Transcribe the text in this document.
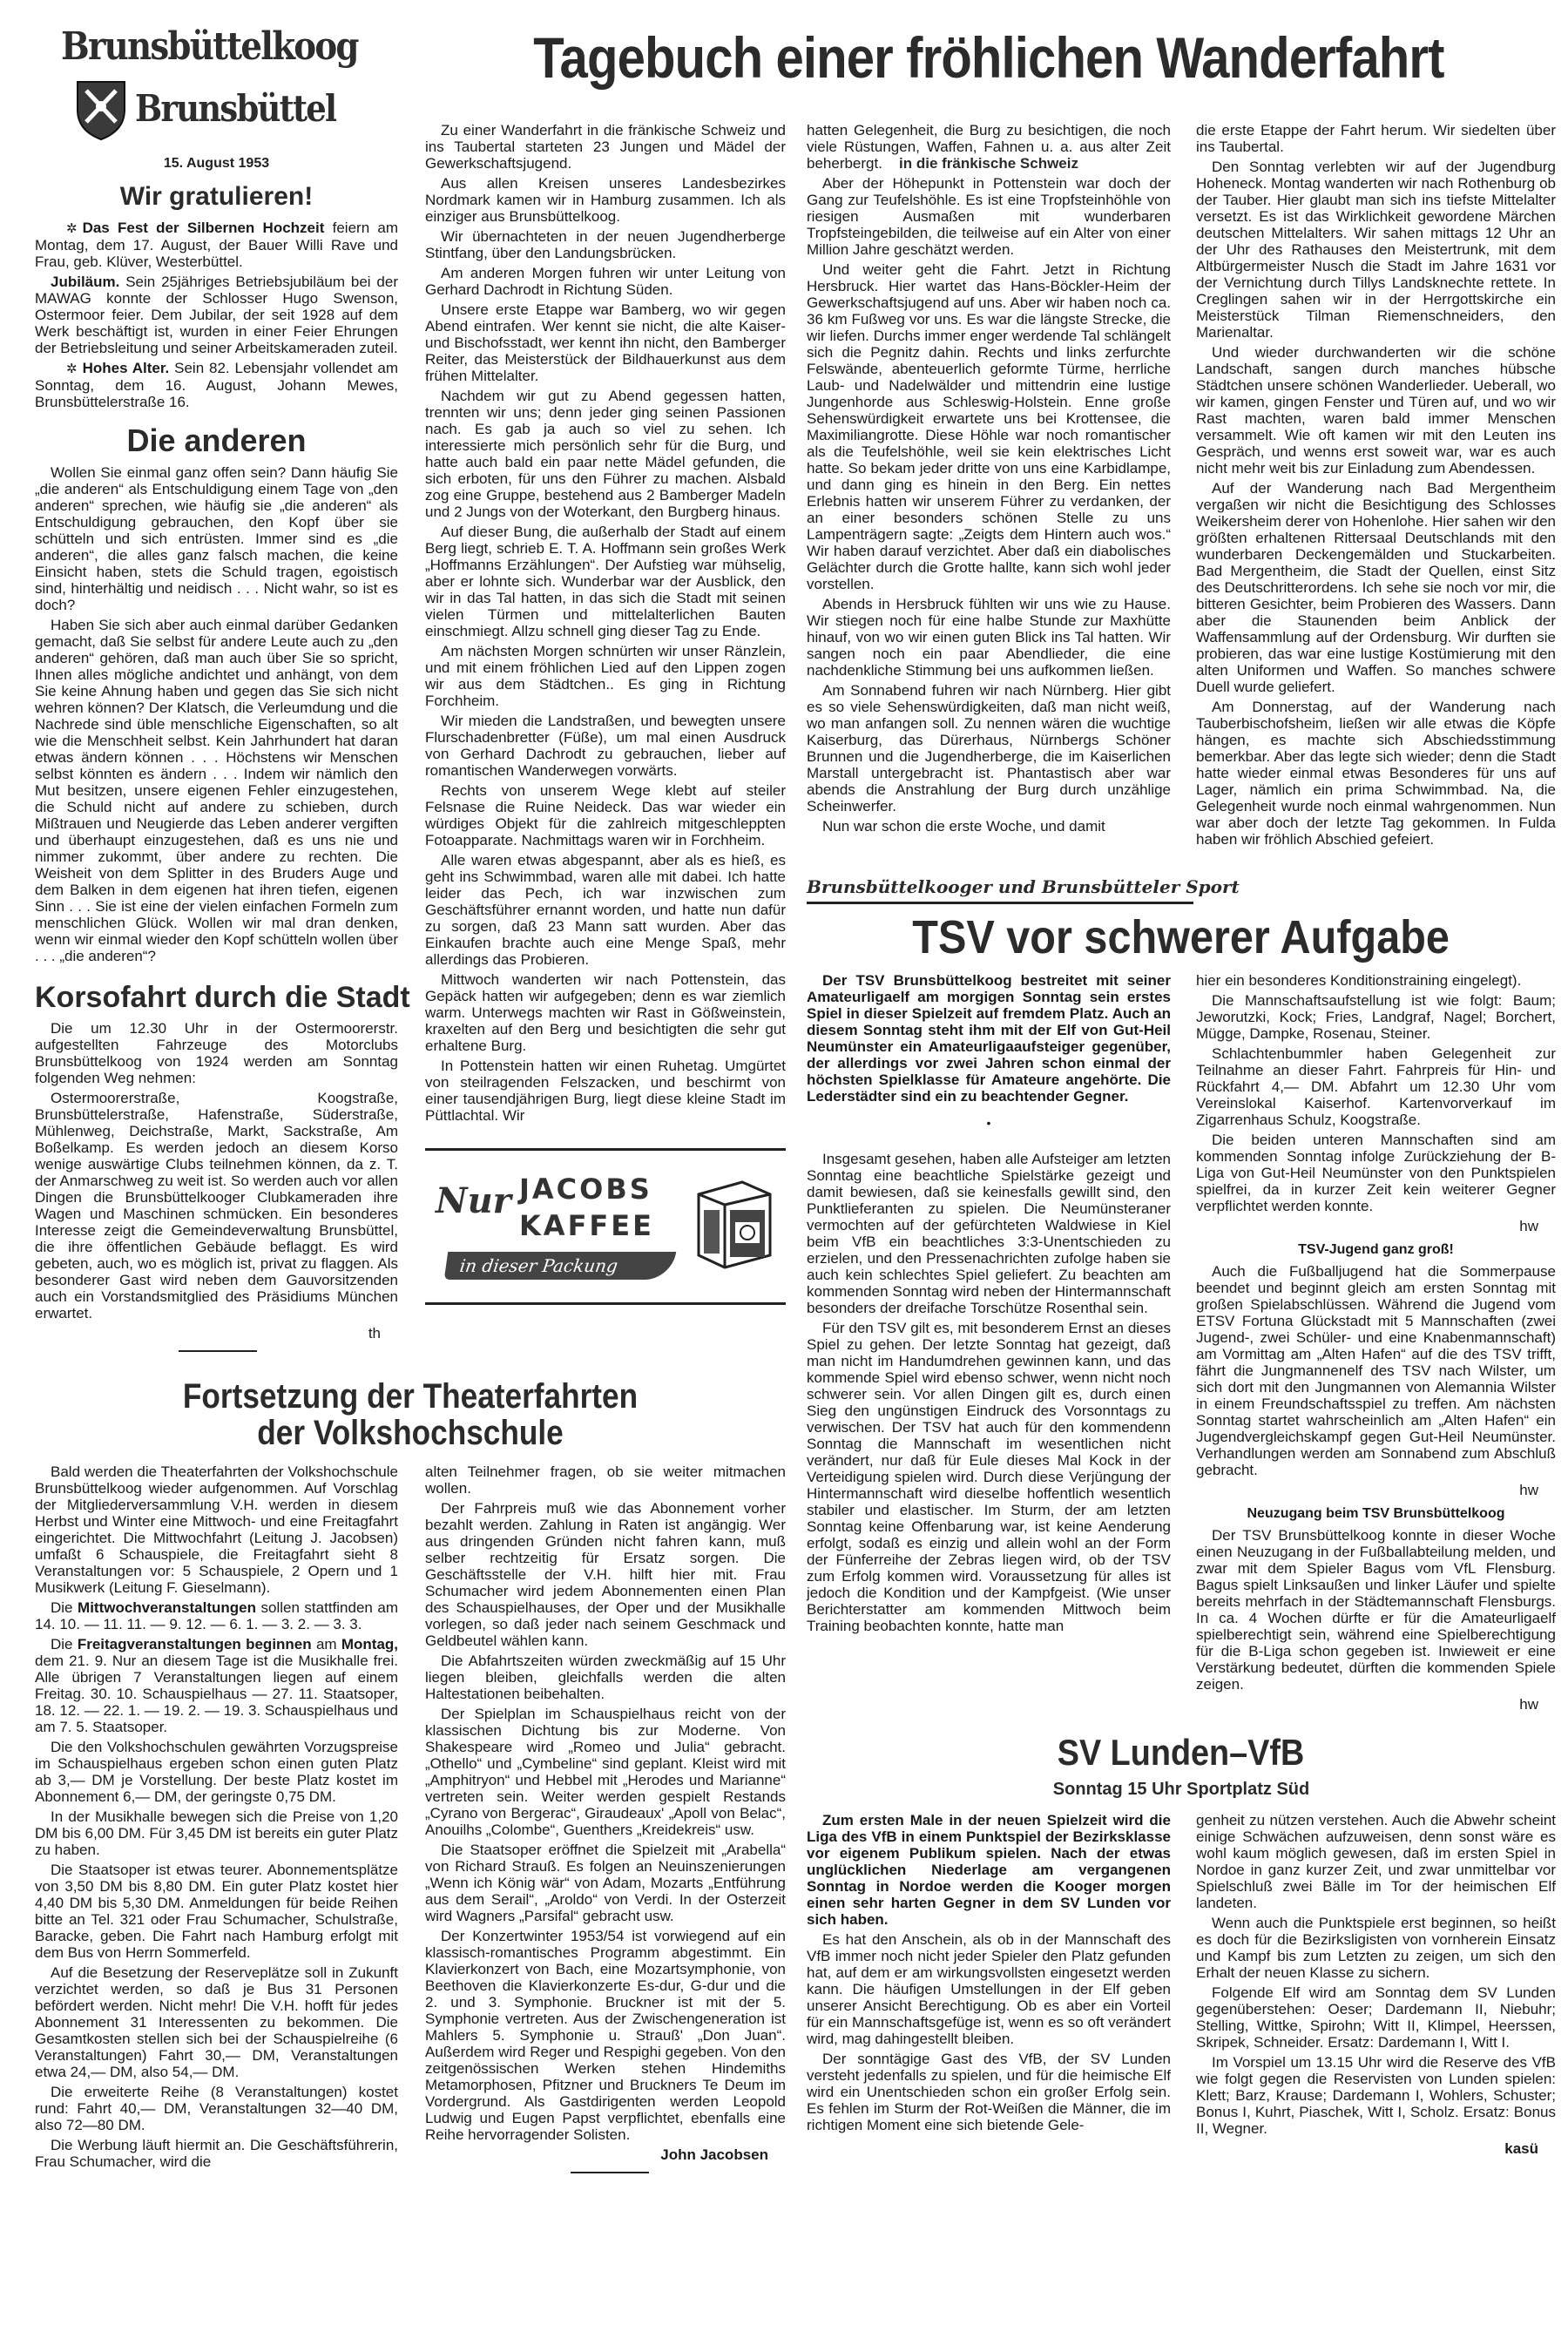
Tagebuch einer fröhlichen Wanderfahrt
in die fränkische Schweiz
Brunsbüttelkoog
Brunsbüttel
15. August 1953
Wir gratulieren!

✲ Das Fest der Silbernen Hochzeit feiern am Montag, dem 17. August, der Bauer Willi Rave und Frau, geb. Klüver, Westerbüttel.

Jubiläum. Sein 25jähriges Betriebsjubiläum bei der MAWAG konnte der Schlosser Hugo Swenson, Ostermoor feier. Dem Jubilar, der seit 1928 auf dem Werk beschäftigt ist, wurden in einer Feier Ehrungen der Betriebsleitung und seiner Arbeitskameraden zuteil.

✲ Hohes Alter. Sein 82. Lebensjahr vollendet am Sonntag, dem 16. August, Johann Mewes, Brunsbüttelerstraße 16.

Die anderen

Wollen Sie einmal ganz offen sein? Dann häufig Sie „die anderen“ als Entschuldigung einem Tage von „den anderen“ sprechen, wie häufig sie „die anderen“ als Entschuldigung gebrauchen, den Kopf über sie schütteln und sich entrüsten. Immer sind es „die anderen“, die alles ganz falsch machen, die keine Einsicht haben, stets die Schuld tragen, egoistisch sind, hinterhältig und neidisch . . . Nicht wahr, so ist es doch?

Haben Sie sich aber auch einmal darüber Gedanken gemacht, daß Sie selbst für andere Leute auch zu „den anderen“ gehören, daß man auch über Sie so spricht, Ihnen alles mögliche andichtet und anhängt, von dem Sie keine Ahnung haben und gegen das Sie sich nicht wehren können? Der Klatsch, die Verleumdung und die Nachrede sind üble menschliche Eigenschaften, so alt wie die Menschheit selbst. Kein Jahrhundert hat daran etwas ändern können . . . Höchstens wir Menschen selbst könnten es ändern . . . Indem wir nämlich den Mut besitzen, unsere eigenen Fehler einzugestehen, die Schuld nicht auf andere zu schieben, durch Mißtrauen und Neugierde das Leben anderer vergiften und überhaupt einzugestehen, daß es uns nie und nimmer zukommt, über andere zu rechten. Die Weisheit von dem Splitter in des Bruders Auge und dem Balken in dem eigenen hat ihren tiefen, eigenen Sinn . . . Sie ist eine der vielen einfachen Formeln zum menschlichen Glück. Wollen wir mal dran denken, wenn wir einmal wieder den Kopf schütteln wollen über . . . „die anderen“?

Korsofahrt durch die Stadt

Die um 12.30 Uhr in der Ostermoorerstr. aufgestellten Fahrzeuge des Motorclubs Brunsbüttelkoog von 1924 werden am Sonntag folgenden Weg nehmen:

Ostermoorerstraße, Koogstraße, Brunsbüttelerstraße, Hafenstraße, Süderstraße, Mühlenweg, Deichstraße, Markt, Sackstraße, Am Boßelkamp. Es werden jedoch an diesem Korso wenige auswärtige Clubs teilnehmen können, da z. T. der Anmarschweg zu weit ist. So werden auch vor allen Dingen die Brunsbüttelkooger Clubkameraden ihre Wagen und Maschinen schmücken. Ein besonderes Interesse zeigt die Gemeindeverwaltung Brunsbüttel, die ihre öffentlichen Gebäude beflaggt. Es wird gebeten, auch, wo es möglich ist, privat zu flaggen. Als besonderer Gast wird neben dem Gauvorsitzenden auch ein Vorstandsmitglied des Präsidiums München erwartet.

th

Zu einer Wanderfahrt in die fränkische Schweiz und ins Taubertal starteten 23 Jungen und Mädel der Gewerkschaftsjugend.

Aus allen Kreisen unseres Landesbezirkes Nordmark kamen wir in Hamburg zusammen. Ich als einziger aus Brunsbüttelkoog.

Wir übernachteten in der neuen Jugendherberge Stintfang, über den Landungsbrücken.

Am anderen Morgen fuhren wir unter Leitung von Gerhard Dachrodt in Richtung Süden.

Unsere erste Etappe war Bamberg, wo wir gegen Abend eintrafen. Wer kennt sie nicht, die alte Kaiser- und Bischofsstadt, wer kennt ihn nicht, den Bamberger Reiter, das Meisterstück der Bildhauerkunst aus dem frühen Mittelalter.

Nachdem wir gut zu Abend gegessen hatten, trennten wir uns; denn jeder ging seinen Passionen nach. Es gab ja auch so viel zu sehen. Ich interessierte mich persönlich sehr für die Burg, und hatte auch bald ein paar nette Mädel gefunden, die sich erboten, für uns den Führer zu machen. Alsbald zog eine Gruppe, bestehend aus 2 Bamberger Madeln und 2 Jungs von der Woterkant, den Burgberg hinaus.

Auf dieser Bung, die außerhalb der Stadt auf einem Berg liegt, schrieb E. T. A. Hoffmann sein großes Werk „Hoffmanns Erzählungen“. Der Aufstieg war mühselig, aber er lohnte sich. Wunderbar war der Ausblick, den wir in das Tal hatten, in das sich die Stadt mit seinen vielen Türmen und mittelalterlichen Bauten einschmiegt. Allzu schnell ging dieser Tag zu Ende.

Am nächsten Morgen schnürten wir unser Ränzlein, und mit einem fröhlichen Lied auf den Lippen zogen wir aus dem Städtchen.. Es ging in Richtung Forchheim.

Wir mieden die Landstraßen, und bewegten unsere Flurschadenbretter (Füße), um mal einen Ausdruck von Gerhard Dachrodt zu gebrauchen, lieber auf romantischen Wanderwegen vorwärts.

Rechts von unserem Wege klebt auf steiler Felsnase die Ruine Neideck. Das war wieder ein würdiges Objekt für die zahlreich mitgeschleppten Fotoapparate. Nachmittags waren wir in Forchheim.

Alle waren etwas abgespannt, aber als es hieß, es geht ins Schwimmbad, waren alle mit dabei. Ich hatte leider das Pech, ich war inzwischen zum Geschäftsführer ernannt worden, und hatte nun dafür zu sorgen, daß 23 Mann satt wurden. Aber das Einkaufen brachte auch eine Menge Spaß, mehr allerdings das Probieren.

Mittwoch wanderten wir nach Pottenstein, das Gepäck hatten wir aufgegeben; denn es war ziemlich warm. Unterwegs machten wir Rast in Gößweinstein, kraxelten auf den Berg und besichtigten die sehr gut erhaltene Burg.

In Pottenstein hatten wir einen Ruhetag. Umgürtet von steilragenden Felszacken, und beschirmt von einer tausendjährigen Burg, liegt diese kleine Stadt im Püttlachtal. Wir

Nur JACOBS
KAFFEE
in dieser Packung
Fortsetzung der Theaterfahrten
der Volkshochschule

Bald werden die Theaterfahrten der Volkshochschule Brunsbüttelkoog wieder aufgenommen. Auf Vorschlag der Mitgliederversammlung V.H. werden in diesem Herbst und Winter eine Mittwoch- und eine Freitagfahrt eingerichtet. Die Mittwochfahrt (Leitung J. Jacobsen) umfaßt 6 Schauspiele, die Freitagfahrt sieht 8 Veranstaltungen vor: 5 Schauspiele, 2 Opern und 1 Musikwerk (Leitung F. Gieselmann).

Die Mittwochveranstaltungen sollen stattfinden am 14. 10. — 11. 11. — 9. 12. — 6. 1. — 3. 2. — 3. 3.

Die Freitagveranstaltungen beginnen am Montag, dem 21. 9. Nur an diesem Tage ist die Musikhalle frei. Alle übrigen 7 Veranstaltungen liegen auf einem Freitag. 30. 10. Schauspielhaus — 27. 11. Staatsoper, 18. 12. — 22. 1. — 19. 2. — 19. 3. Schauspielhaus und am 7. 5. Staatsoper.

Die den Volkshochschulen gewährten Vorzugspreise im Schauspielhaus ergeben schon einen guten Platz ab 3,— DM je Vorstellung. Der beste Platz kostet im Abonnement 6,— DM, der geringste 0,75 DM.

In der Musikhalle bewegen sich die Preise von 1,20 DM bis 6,00 DM. Für 3,45 DM ist bereits ein guter Platz zu haben.

Die Staatsoper ist etwas teurer. Abonnementsplätze von 3,50 DM bis 8,80 DM. Ein guter Platz kostet hier 4,40 DM bis 5,30 DM. Anmeldungen für beide Reihen bitte an Tel. 321 oder Frau Schumacher, Schulstraße, Baracke, geben. Die Fahrt nach Hamburg erfolgt mit dem Bus von Herrn Sommerfeld.

Auf die Besetzung der Reserveplätze soll in Zukunft verzichtet werden, so daß je Bus 31 Personen befördert werden. Nicht mehr! Die V.H. hofft für jedes Abonnement 31 Interessenten zu bekommen. Die Gesamtkosten stellen sich bei der Schauspielreihe (6 Veranstaltungen) Fahrt 30,— DM, Veranstaltungen etwa 24,— DM, also 54,— DM.

Die erweiterte Reihe (8 Veranstaltungen) kostet rund: Fahrt 40,— DM, Veranstaltungen 32—40 DM, also 72—80 DM.

Die Werbung läuft hiermit an. Die Geschäftsführerin, Frau Schumacher, wird die

alten Teilnehmer fragen, ob sie weiter mitmachen wollen.

Der Fahrpreis muß wie das Abonnement vorher bezahlt werden. Zahlung in Raten ist angängig. Wer aus dringenden Gründen nicht fahren kann, muß selber rechtzeitig für Ersatz sorgen. Die Geschäftsstelle der V.H. hilft hier mit. Frau Schumacher wird jedem Abonnementen einen Plan des Schauspielhauses, der Oper und der Musikhalle vorlegen, so daß jeder nach seinem Geschmack und Geldbeutel wählen kann.

Die Abfahrtszeiten würden zweckmäßig auf 15 Uhr liegen bleiben, gleichfalls werden die alten Haltestationen beibehalten.

Der Spielplan im Schauspielhaus reicht von der klassischen Dichtung bis zur Moderne. Von Shakespeare wird „Romeo und Julia“ gebracht. „Othello“ und „Cymbeline“ sind geplant. Kleist wird mit „Amphitryon“ und Hebbel mit „Herodes und Marianne“ vertreten sein. Weiter werden gespielt Restands „Cyrano von Bergerac“, Giraudeaux' „Apoll von Belac“, Anouilhs „Colombe“, Guenthers „Kreidekreis“ usw.

Die Staatsoper eröffnet die Spielzeit mit „Arabella“ von Richard Strauß. Es folgen an Neuinszenierungen „Wenn ich König wär“ von Adam, Mozarts „Entführung aus dem Serail“, „Aroldo“ von Verdi. In der Osterzeit wird Wagners „Parsifal“ gebracht usw.

Der Konzertwinter 1953/54 ist vorwiegend auf ein klassisch-romantisches Programm abgestimmt. Ein Klavierkonzert von Bach, eine Mozartsymphonie, von Beethoven die Klavierkonzerte Es-dur, G-dur und die 2. und 3. Symphonie. Bruckner ist mit der 5. Symphonie vertreten. Aus der Zwischengeneration ist Mahlers 5. Symphonie u. Strauß' „Don Juan“. Außerdem wird Reger und Respighi gegeben. Von den zeitgenössischen Werken stehen Hindemiths Metamorphosen, Pfitzner und Bruckners Te Deum im Vordergrund. Als Gastdirigenten werden Leopold Ludwig und Eugen Papst verpflichtet, ebenfalls eine Reihe hervorragender Solisten.

John Jacobsen

hatten Gelegenheit, die Burg zu besichtigen, die noch viele Rüstungen, Waffen, Fahnen u. a. aus alter Zeit beherbergt.

Aber der Höhepunkt in Pottenstein war doch der Gang zur Teufelshöhle. Es ist eine Tropfsteinhöhle von riesigen Ausmaßen mit wunderbaren Tropfsteingebilden, die teilweise auf ein Alter von einer Million Jahre geschätzt werden.

Und weiter geht die Fahrt. Jetzt in Richtung Hersbruck. Hier wartet das Hans-Böckler-Heim der Gewerkschaftsjugend auf uns. Aber wir haben noch ca. 36 km Fußweg vor uns. Es war die längste Strecke, die wir liefen. Durchs immer enger werdende Tal schlängelt sich die Pegnitz dahin. Rechts und links zerfurchte Felswände, abenteuerlich geformte Türme, herrliche Laub- und Nadelwälder und mittendrin eine lustige Jungenhorde aus Schleswig-Holstein. Enne große Sehenswürdigkeit erwartete uns bei Krottensee, die Maximiliangrotte. Diese Höhle war noch romantischer als die Teufelshöhle, weil sie kein elektrisches Licht hatte. So bekam jeder dritte von uns eine Karbidlampe, und dann ging es hinein in den Berg. Ein nettes Erlebnis hatten wir unserem Führer zu verdanken, der an einer besonders schönen Stelle zu uns Lampenträgern sagte: „Zeigts dem Hintern auch wos.“ Wir haben darauf verzichtet. Aber daß ein diabolisches Gelächter durch die Grotte hallte, kann sich wohl jeder vorstellen.

Abends in Hersbruck fühlten wir uns wie zu Hause. Wir stiegen noch für eine halbe Stunde zur Maxhütte hinauf, von wo wir einen guten Blick ins Tal hatten. Wir sangen noch ein paar Abendlieder, die eine nachdenkliche Stimmung bei uns aufkommen ließen.

Am Sonnabend fuhren wir nach Nürnberg. Hier gibt es so viele Sehenswürdigkeiten, daß man nicht weiß, wo man anfangen soll. Zu nennen wären die wuchtige Kaiserburg, das Dürerhaus, Nürnbergs Schöner Brunnen und die Jugendherberge, die im Kaiserlichen Marstall untergebracht ist. Phantastisch aber war abends die Anstrahlung der Burg durch unzählige Scheinwerfer.

Nun war schon die erste Woche, und damit

die erste Etappe der Fahrt herum. Wir siedelten über ins Taubertal.

Den Sonntag verlebten wir auf der Jugendburg Hoheneck. Montag wanderten wir nach Rothenburg ob der Tauber. Hier glaubt man sich ins tiefste Mittelalter versetzt. Es ist das Wirklichkeit gewordene Märchen deutschen Mittelalters. Wir sahen mittags 12 Uhr an der Uhr des Rathauses den Meistertrunk, mit dem Altbürgermeister Nusch die Stadt im Jahre 1631 vor der Vernichtung durch Tillys Landsknechte rettete. In Creglingen sahen wir in der Herrgottskirche ein Meisterstück Tilman Riemenschneiders, den Marienaltar.

Und wieder durchwanderten wir die schöne Landschaft, sangen durch manches hübsche Städtchen unsere schönen Wanderlieder. Ueberall, wo wir kamen, gingen Fenster und Türen auf, und wo wir Rast machten, waren bald immer Menschen versammelt. Wie oft kamen wir mit den Leuten ins Gespräch, und wenns erst soweit war, war es auch nicht mehr weit bis zur Einladung zum Abendessen.

Auf der Wanderung nach Bad Mergentheim vergaßen wir nicht die Besichtigung des Schlosses Weikersheim derer von Hohenlohe. Hier sahen wir den größten erhaltenen Rittersaal Deutschlands mit den wunderbaren Deckengemälden und Stuckarbeiten. Bad Mergentheim, die Stadt der Quellen, einst Sitz des Deutschritterordens. Ich sehe sie noch vor mir, die bitteren Gesichter, beim Probieren des Wassers. Dann aber die Staunenden beim Anblick der Waffensammlung auf der Ordensburg. Wir durften sie probieren, das war eine lustige Kostümierung mit den alten Uniformen und Waffen. So manches schwere Duell wurde geliefert.

Am Donnerstag, auf der Wanderung nach Tauberbischofsheim, ließen wir alle etwas die Köpfe hängen, es machte sich Abschiedsstimmung bemerkbar. Aber das legte sich wieder; denn die Stadt hatte wieder einmal etwas Besonderes für uns auf Lager, nämlich ein prima Schwimmbad. Na, die Gelegenheit wurde noch einmal wahrgenommen. Nun war aber doch der letzte Tag gekommen. In Fulda haben wir fröhlich Abschied gefeiert.

Brunsbüttelkooger und Brunsbütteler Sport
TSV vor schwerer Aufgabe

Der TSV Brunsbüttelkoog bestreitet mit seiner Amateurligaelf am morgigen Sonntag sein erstes Spiel in dieser Spielzeit auf fremdem Platz. Auch an diesem Sonntag steht ihm mit der Elf von Gut-Heil Neumünster ein Amateurligaaufsteiger gegenüber, der allerdings vor zwei Jahren schon einmal der höchsten Spielklasse für Amateure angehörte. Die Lederstädter sind ein zu beachtender Gegner.

•

Insgesamt gesehen, haben alle Aufsteiger am letzten Sonntag eine beachtliche Spielstärke gezeigt und damit bewiesen, daß sie keinesfalls gewillt sind, den Punktlieferanten zu spielen. Die Neumünsteraner vermochten auf der gefürchteten Waldwiese in Kiel beim VfB ein beachtliches 3:3-Unentschieden zu erzielen, und den Pressenachrichten zufolge haben sie auch kein schlechtes Spiel geliefert. Zu beachten am kommenden Sonntag wird neben der Hintermannschaft besonders der dreifache Torschütze Rosenthal sein.

Für den TSV gilt es, mit besonderem Ernst an dieses Spiel zu gehen. Der letzte Sonntag hat gezeigt, daß man nicht im Handumdrehen gewinnen kann, und das kommende Spiel wird ebenso schwer, wenn nicht noch schwerer sein. Vor allen Dingen gilt es, durch einen Sieg den ungünstigen Eindruck des Vorsonntags zu verwischen. Der TSV hat auch für den kommendenn Sonntag die Mannschaft im wesentlichen nicht verändert, nur daß für Eule dieses Mal Kock in der Verteidigung spielen wird. Durch diese Verjüngung der Hintermannschaft wird dieselbe hoffentlich wesentlich stabiler und elastischer. Im Sturm, der am letzten Sonntag keine Offenbarung war, ist keine Aenderung erfolgt, sodaß es einzig und allein wohl an der Form der Fünferreihe der Zebras liegen wird, ob der TSV zum Erfolg kommen wird. Voraussetzung für alles ist jedoch die Kondition und der Kampfgeist. (Wie unser Berichterstatter am kommenden Mittwoch beim Training beobachten konnte, hatte man

hier ein besonderes Konditionstraining eingelegt).

Die Mannschaftsaufstellung ist wie folgt: Baum; Jeworutzki, Kock; Fries, Landgraf, Nagel; Borchert, Mügge, Dampke, Rosenau, Steiner.

Schlachtenbummler haben Gelegenheit zur Teilnahme an dieser Fahrt. Fahrpreis für Hin- und Rückfahrt 4,— DM. Abfahrt um 12.30 Uhr vom Vereinslokal Kaiserhof. Kartenvorverkauf im Zigarrenhaus Schulz, Koogstraße.

Die beiden unteren Mannschaften sind am kommenden Sonntag infolge Zurückziehung der B-Liga von Gut-Heil Neumünster von den Punktspielen spielfrei, da in kurzer Zeit kein weiterer Gegner verpflichtet werden konnte.

hw
TSV-Jugend ganz groß!

Auch die Fußballjugend hat die Sommerpause beendet und beginnt gleich am ersten Sonntag mit großen Spielabschlüssen. Während die Jugend vom ETSV Fortuna Glückstadt mit 5 Mannschaften (zwei Jugend-, zwei Schüler- und eine Knabenmannschaft) am Vormittag am „Alten Hafen“ auf die des TSV trifft, fährt die Jungmannenelf des TSV nach Wilster, um sich dort mit den Jungmannen von Alemannia Wilster in einem Freundschaftsspiel zu treffen. Am nächsten Sonntag startet wahrscheinlich am „Alten Hafen“ ein Jugendvergleichskampf gegen Gut-Heil Neumünster. Verhandlungen werden am Sonnabend zum Abschluß gebracht.

hw
Neuzugang beim TSV Brunsbüttelkoog

Der TSV Brunsbüttelkoog konnte in dieser Woche einen Neuzugang in der Fußballabteilung melden, und zwar mit dem Spieler Bagus vom VfL Flensburg. Bagus spielt Linksaußen und linker Läufer und spielte bereits mehrfach in der Städtemannschaft Flensburgs. In ca. 4 Wochen dürfte er für die Amateurligaelf spielberechtigt sein, während eine Spielberechtigung für die B-Liga schon gegeben ist. Inwieweit er eine Verstärkung bedeutet, dürften die kommenden Spiele zeigen.

hw
SV Lunden–VfB
Sonntag 15 Uhr Sportplatz Süd

Zum ersten Male in der neuen Spielzeit wird die Liga des VfB in einem Punktspiel der Bezirksklasse vor eigenem Publikum spielen. Nach der etwas unglücklichen Niederlage am vergangenen Sonntag in Nordoe werden die Kooger morgen einen sehr harten Gegner in dem SV Lunden vor sich haben.

Es hat den Anschein, als ob in der Mannschaft des VfB immer noch nicht jeder Spieler den Platz gefunden hat, auf dem er am wirkungsvollsten eingesetzt werden kann. Die häufigen Umstellungen in der Elf geben unserer Ansicht Berechtigung. Ob es aber ein Vorteil für ein Mannschaftsgefüge ist, wenn es so oft verändert wird, mag dahingestellt bleiben.

Der sonntägige Gast des VfB, der SV Lunden versteht jedenfalls zu spielen, und für die heimische Elf wird ein Unentschieden schon ein großer Erfolg sein. Es fehlen im Sturm der Rot-Weißen die Männer, die im richtigen Moment eine sich bietende Gele-

genheit zu nützen verstehen. Auch die Abwehr scheint einige Schwächen aufzuweisen, denn sonst wäre es wohl kaum möglich gewesen, daß im ersten Spiel in Nordoe in ganz kurzer Zeit, und zwar unmittelbar vor Spielschluß zwei Bälle im Tor der heimischen Elf landeten.

Wenn auch die Punktspiele erst beginnen, so heißt es doch für die Bezirksligisten von vornherein Einsatz und Kampf bis zum Letzten zu zeigen, um sich den Erhalt der neuen Klasse zu sichern.

Folgende Elf wird am Sonntag dem SV Lunden gegenüberstehen: Oeser; Dardemann II, Niebuhr; Stelling, Wittke, Spirohn; Witt II, Klimpel, Heerssen, Skripek, Schneider. Ersatz: Dardemann I, Witt I.

Im Vorspiel um 13.15 Uhr wird die Reserve des VfB wie folgt gegen die Reservisten von Lunden spielen: Klett; Barz, Krause; Dardemann I, Wohlers, Schuster; Bonus I, Kuhrt, Piaschek, Witt I, Scholz. Ersatz: Bonus II, Wegner.

kasü
